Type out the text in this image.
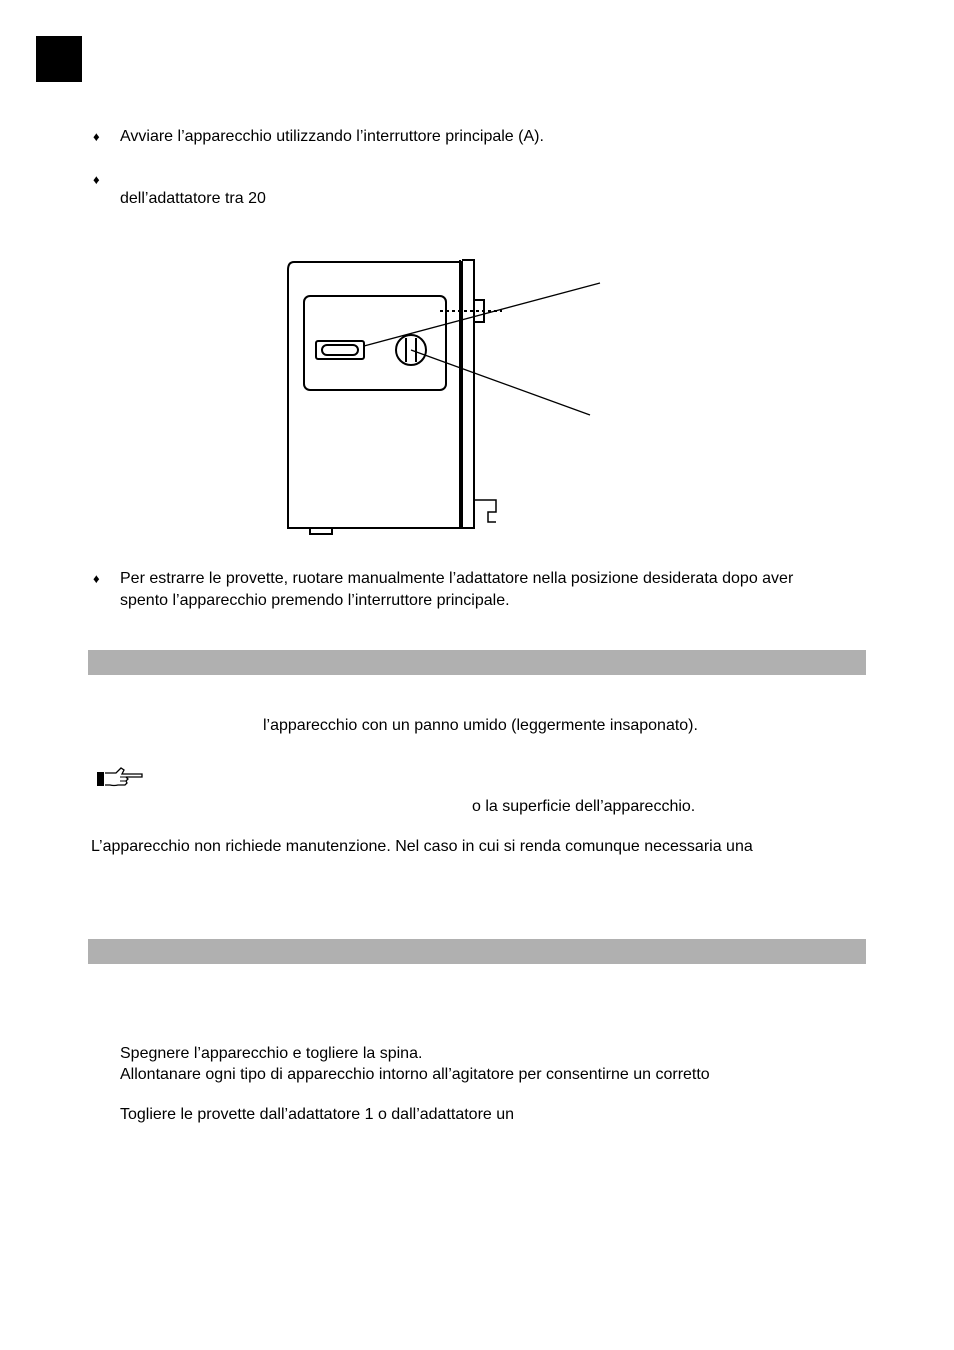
♦ Avviare l’apparecchio utilizzando l’interruttore principale (A).
♦
dell’adattatore tra 20
♦ Per estrarre le provette, ruotare manualmente l’adattatore nella posizione desiderata dopo aver
spento l’apparecchio premendo l’interruttore principale.
l’apparecchio con un panno umido (leggermente insaponato).
o la superficie dell’apparecchio.
L’apparecchio non richiede manutenzione. Nel caso in cui si renda comunque necessaria una
Spegnere l’apparecchio e togliere la spina.
Allontanare ogni tipo di apparecchio intorno all’agitatore per consentirne un corretto
Togliere le provette dall’adattatore 1 o dall’adattatore un
